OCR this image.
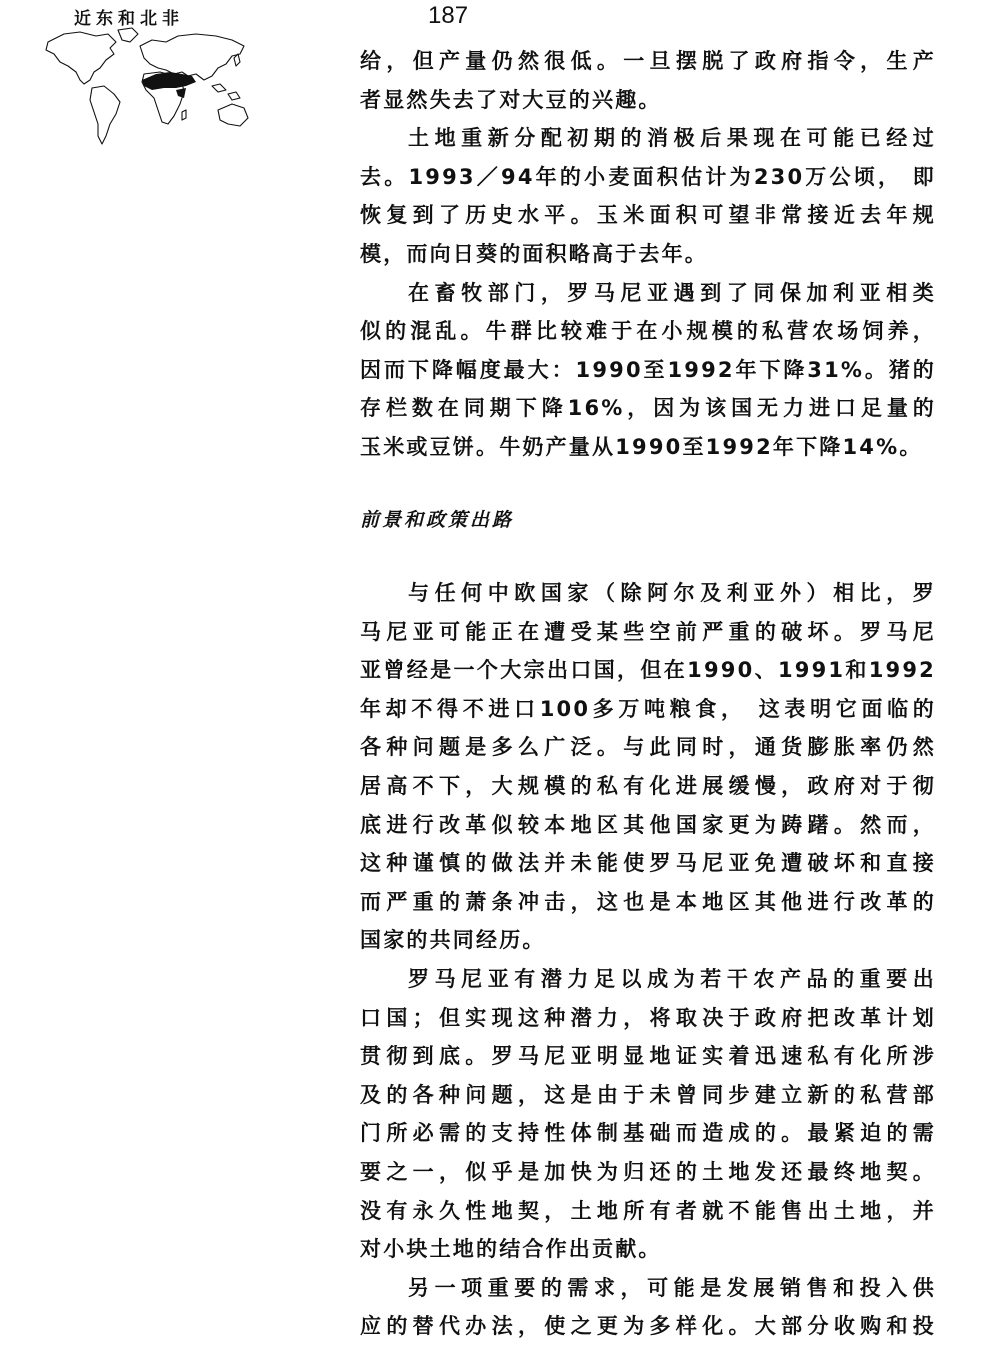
近东和北非	187
给，但产量仍然很低。一旦摆脱了政府指令，生产
者显然失去了对大豆的兴趣。
土地重新分配初期的消极后果现在可能已经过
去。1993／94年的小麦面积估计为230万公顷， 即
恢复到了历史水平。玉米面积可望非常接近去年规
模，而向日葵的面积略高于去年。
在畜牧部门，罗马尼亚遇到了同保加利亚相类
似的混乱。牛群比较难于在小规模的私营农场饲养，
因而下降幅度最大：1990至1992年下降31%。猪的
存栏数在同期下降16%，因为该国无力进口足量的
玉米或豆饼。牛奶产量从1990至1992年下降14%。
前景和政策出路
与任何中欧国家（除阿尔及利亚外）相比，罗
马尼亚可能正在遭受某些空前严重的破坏。罗马尼
亚曾经是一个大宗出口国，但在1990、1991和1992
年却不得不进口100多万吨粮食， 这表明它面临的
各种问题是多么广泛。与此同时，通货膨胀率仍然
居高不下，大规模的私有化进展缓慢，政府对于彻
底进行改革似较本地区其他国家更为踌躇。然而，
这种谨慎的做法并未能使罗马尼亚免遭破坏和直接
而严重的萧条冲击，这也是本地区其他进行改革的
国家的共同经历。
罗马尼亚有潜力足以成为若干农产品的重要出
口国；但实现这种潜力，将取决于政府把改革计划
贯彻到底。罗马尼亚明显地证实着迅速私有化所涉
及的各种问题，这是由于未曾同步建立新的私营部
门所必需的支持性体制基础而造成的。最紧迫的需
要之一，似乎是加快为归还的土地发还最终地契。
没有永久性地契，土地所有者就不能售出土地，并
对小块土地的结合作出贡献。
另一项重要的需求，可能是发展销售和投入供
应的替代办法，使之更为多样化。大部分收购和投
